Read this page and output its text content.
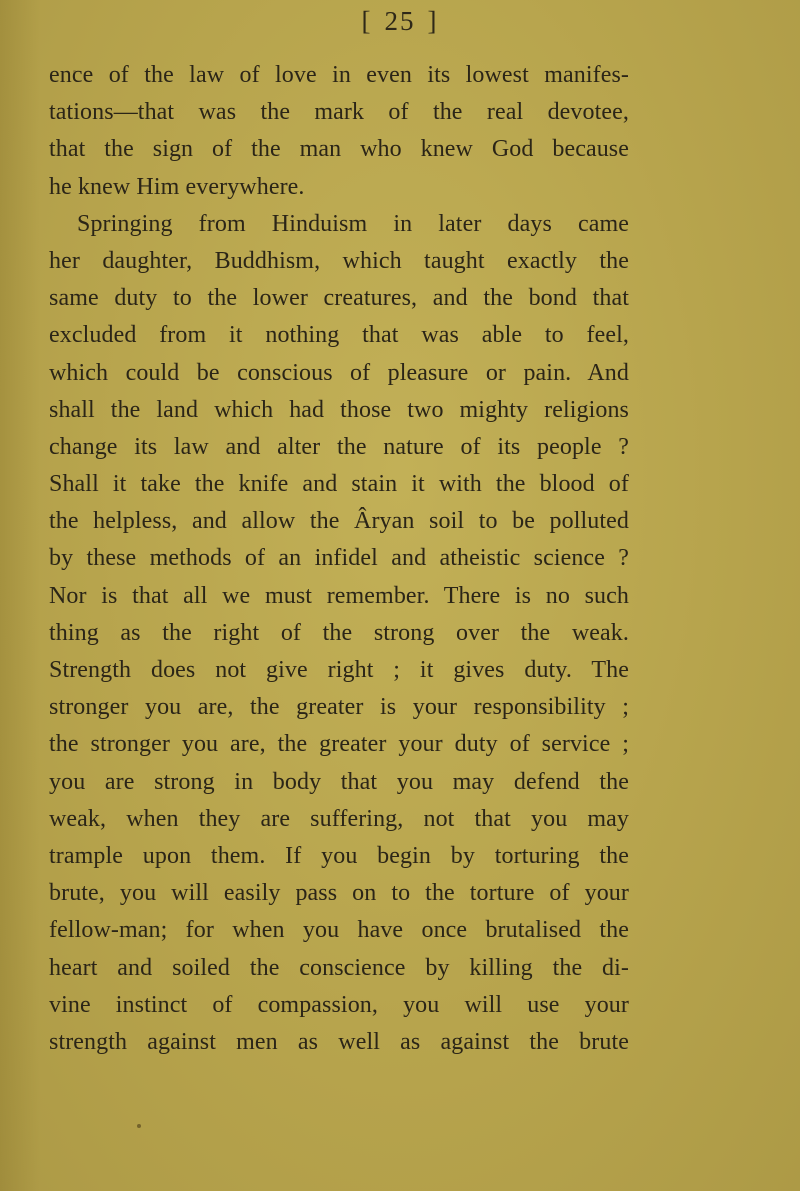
[ 25 ]
ence of the law of love in even its lowest manifes-
tations—that was the mark of the real devotee,
that the sign of the man who knew God because
he knew Him everywhere.
Springing from Hinduism in later days came
her daughter, Buddhism, which taught exactly the
same duty to the lower creatures, and the bond that
excluded from it nothing that was able to feel,
which could be conscious of pleasure or pain. And
shall the land which had those two mighty religions
change its law and alter the nature of its people ?
Shall it take the knife and stain it with the blood of
the helpless, and allow the Âryan soil to be polluted
by these methods of an infidel and atheistic science ?
Nor is that all we must remember. There is no such
thing as the right of the strong over the weak.
Strength does not give right ; it gives duty. The
stronger you are, the greater is your responsibility ;
the stronger you are, the greater your duty of service ;
you are strong in body that you may defend the
weak, when they are suffering, not that you may
trample upon them. If you begin by torturing the
brute, you will easily pass on to the torture of your
fellow-man; for when you have once brutalised the
heart and soiled the conscience by killing the di-
vine instinct of compassion, you will use your
strength against men as well as against the brute
